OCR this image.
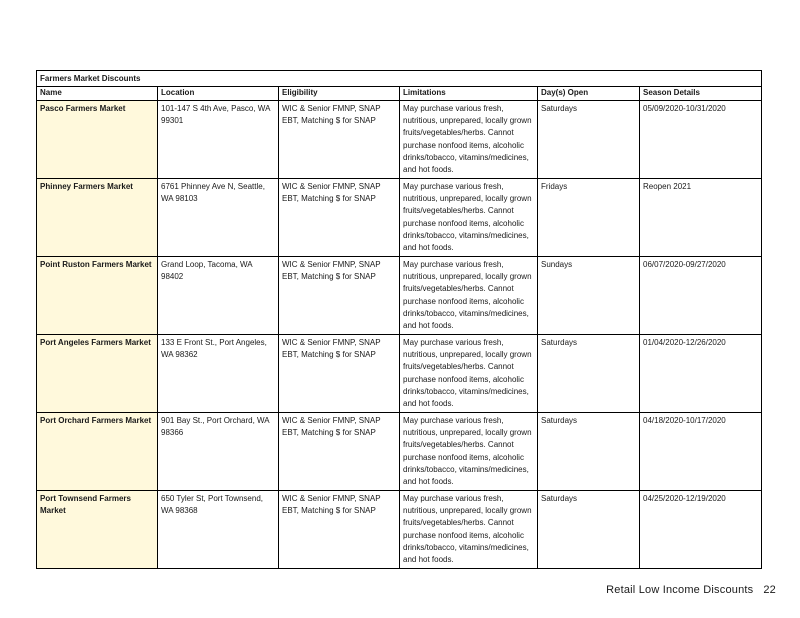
Farmers Market Discounts					
Name	Location	Eligibility	Limitations	Day(s) Open	Season Details
Pasco Farmers Market	101-147 S 4th Ave, Pasco, WA 99301	WIC & Senior FMNP, SNAP EBT, Matching $ for SNAP	May purchase various fresh, nutritious, unprepared, locally grown fruits/vegetables/herbs. Cannot purchase nonfood items, alcoholic drinks/tobacco, vitamins/medicines, and hot foods.	Saturdays	05/09/2020-10/31/2020
Phinney Farmers Market	6761 Phinney Ave N, Seattle, WA 98103	WIC & Senior FMNP, SNAP EBT, Matching $ for SNAP	May purchase various fresh, nutritious, unprepared, locally grown fruits/vegetables/herbs. Cannot purchase nonfood items, alcoholic drinks/tobacco, vitamins/medicines, and hot foods.	Fridays	Reopen 2021
Point Ruston Farmers Market	Grand Loop, Tacoma, WA 98402	WIC & Senior FMNP, SNAP EBT, Matching $ for SNAP	May purchase various fresh, nutritious, unprepared, locally grown fruits/vegetables/herbs. Cannot purchase nonfood items, alcoholic drinks/tobacco, vitamins/medicines, and hot foods.	Sundays	06/07/2020-09/27/2020
Port Angeles Farmers Market	133 E Front St., Port Angeles, WA 98362	WIC & Senior FMNP, SNAP EBT, Matching $ for SNAP	May purchase various fresh, nutritious, unprepared, locally grown fruits/vegetables/herbs. Cannot purchase nonfood items, alcoholic drinks/tobacco, vitamins/medicines, and hot foods.	Saturdays	01/04/2020-12/26/2020
Port Orchard Farmers Market	901 Bay St., Port Orchard, WA 98366	WIC & Senior FMNP, SNAP EBT, Matching $ for SNAP	May purchase various fresh, nutritious, unprepared, locally grown fruits/vegetables/herbs. Cannot purchase nonfood items, alcoholic drinks/tobacco, vitamins/medicines, and hot foods.	Saturdays	04/18/2020-10/17/2020
Port Townsend Farmers Market	650 Tyler St, Port Townsend, WA 98368	WIC & Senior FMNP, SNAP EBT, Matching $ for SNAP	May purchase various fresh, nutritious, unprepared, locally grown fruits/vegetables/herbs. Cannot purchase nonfood items, alcoholic drinks/tobacco, vitamins/medicines, and hot foods.	Saturdays	04/25/2020-12/19/2020
Retail Low Income Discounts 22
